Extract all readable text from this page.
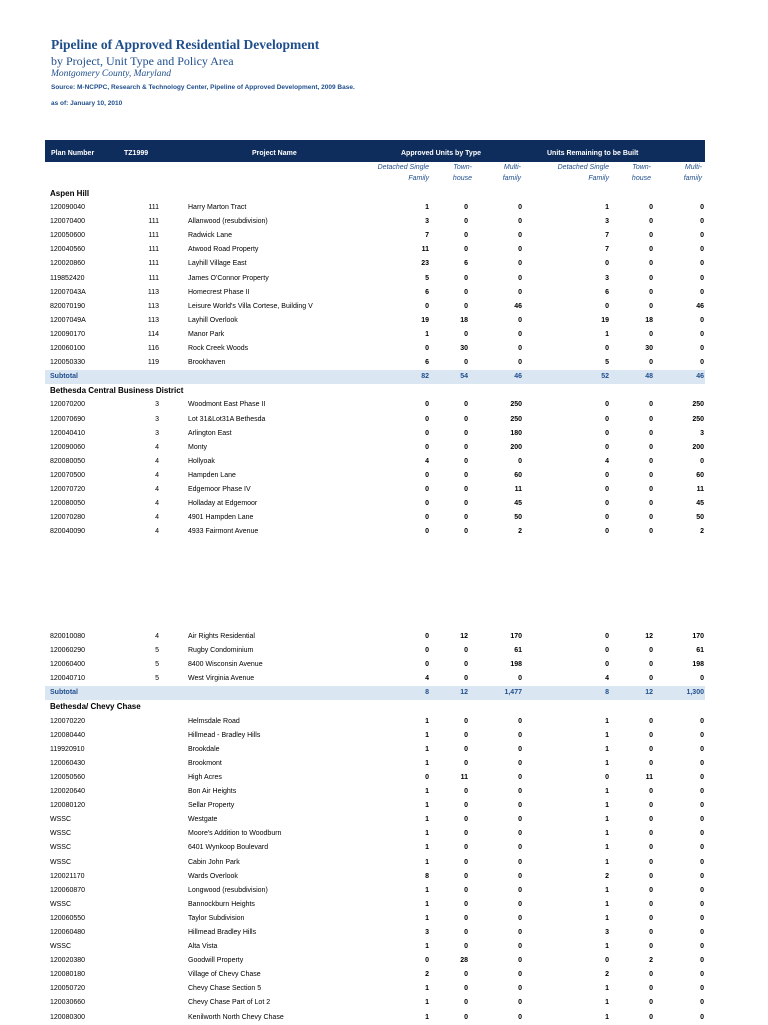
Pipeline of Approved Residential Development
by Project, Unit Type and Policy Area
Montgomery County, Maryland
Source: M-NCPPC, Research & Technology Center, Pipeline of Approved Development, 2009 Base.
as of: January 10, 2010
Plan Number	TZ1999	Project Name	Approved Units by Type	Units Remaining to be Built
Detached Single
Family
Town-
house
Multi-
family
Detached Single
Family
Town-
house
Multi-
family
Aspen Hill
120090040	111	Harry Marton Tract	1	0	0	1	0	0
120070400	111	Allanwood (resubdivision)	3	0	0	3	0	0
120050600	111	Radwick Lane	7	0	0	7	0	0
120040560	111	Atwood Road Property	11	0	0	7	0	0
120020860	111	Layhill Village East	23	6	0	0	0	0
119852420	111	James O'Connor Property	5	0	0	3	0	0
12007043A	113	Homecrest Phase II	6	0	0	6	0	0
820070190	113	Leisure World's Villa Cortese, Building V	0	0	46	0	0	46
12007049A	113	Layhill Overlook	19	18	0	19	18	0
120090170	114	Manor Park	1	0	0	1	0	0
120060100	116	Rock Creek Woods	0	30	0	0	30	0
120050330	119	Brookhaven	6	0	0	5	0	0
Subtotal	82	54	46	52	48	46
Bethesda Central Business District
120070200	3	Woodmont East Phase II	0	0	250	0	0	250
120070690	3	Lot 31&Lot31A Bethesda	0	0	250	0	0	250
120040410	3	Arlington East	0	0	180	0	0	3
120090060	4	Monty	0	0	200	0	0	200
820080050	4	Hollyoak	4	0	0	4	0	0
120070500	4	Hampden Lane	0	0	60	0	0	60
120070720	4	Edgemoor Phase IV	0	0	11	0	0	11
120080050	4	Holladay at Edgemoor	0	0	45	0	0	45
120070280	4	4901 Hampden Lane	0	0	50	0	0	50
820040090	4	4933 Fairmont Avenue	0	0	2	0	0	2
820010080	4	Air Rights Residential	0	12	170	0	12	170
120060290	5	Rugby Condominium	0	0	61	0	0	61
120060400	5	8400 Wisconsin Avenue	0	0	198	0	0	198
120040710	5	West Virginia Avenue	4	0	0	4	0	0
Subtotal	8	12	1,477	8	12	1,300
Bethesda/ Chevy Chase
120070220	Helmsdale Road	1	0	0	1	0	0
120080440	Hillmead - Bradley Hills	1	0	0	1	0	0
119920910	Brookdale	1	0	0	1	0	0
120060430	Brookmont	1	0	0	1	0	0
120050560	High Acres	0	11	0	0	11	0
120020640	Bon Air Heights	1	0	0	1	0	0
120080120	Sellar Property	1	0	0	1	0	0
WSSC	Westgate	1	0	0	1	0	0
WSSC	Moore's Addition to Woodburn	1	0	0	1	0	0
WSSC	6401 Wynkoop Boulevard	1	0	0	1	0	0
WSSC	Cabin John Park	1	0	0	1	0	0
120021170	Wards Overlook	8	0	0	2	0	0
120060870	Longwood (resubdivision)	1	0	0	1	0	0
WSSC	Bannockburn Heights	1	0	0	1	0	0
120060550	Taylor Subdivision	1	0	0	1	0	0
120060480	Hillmead Bradley Hills	3	0	0	3	0	0
WSSC	Alta Vista	1	0	0	1	0	0
120020380	Goodwill Property	0	28	0	0	2	0
120080180	Village of Chevy Chase	2	0	0	2	0	0
120050720	Chevy Chase Section 5	1	0	0	1	0	0
120030660	Chevy Chase Part of Lot 2	1	0	0	1	0	0
120080300	Kenilworth North Chevy Chase	1	0	0	1	0	0
